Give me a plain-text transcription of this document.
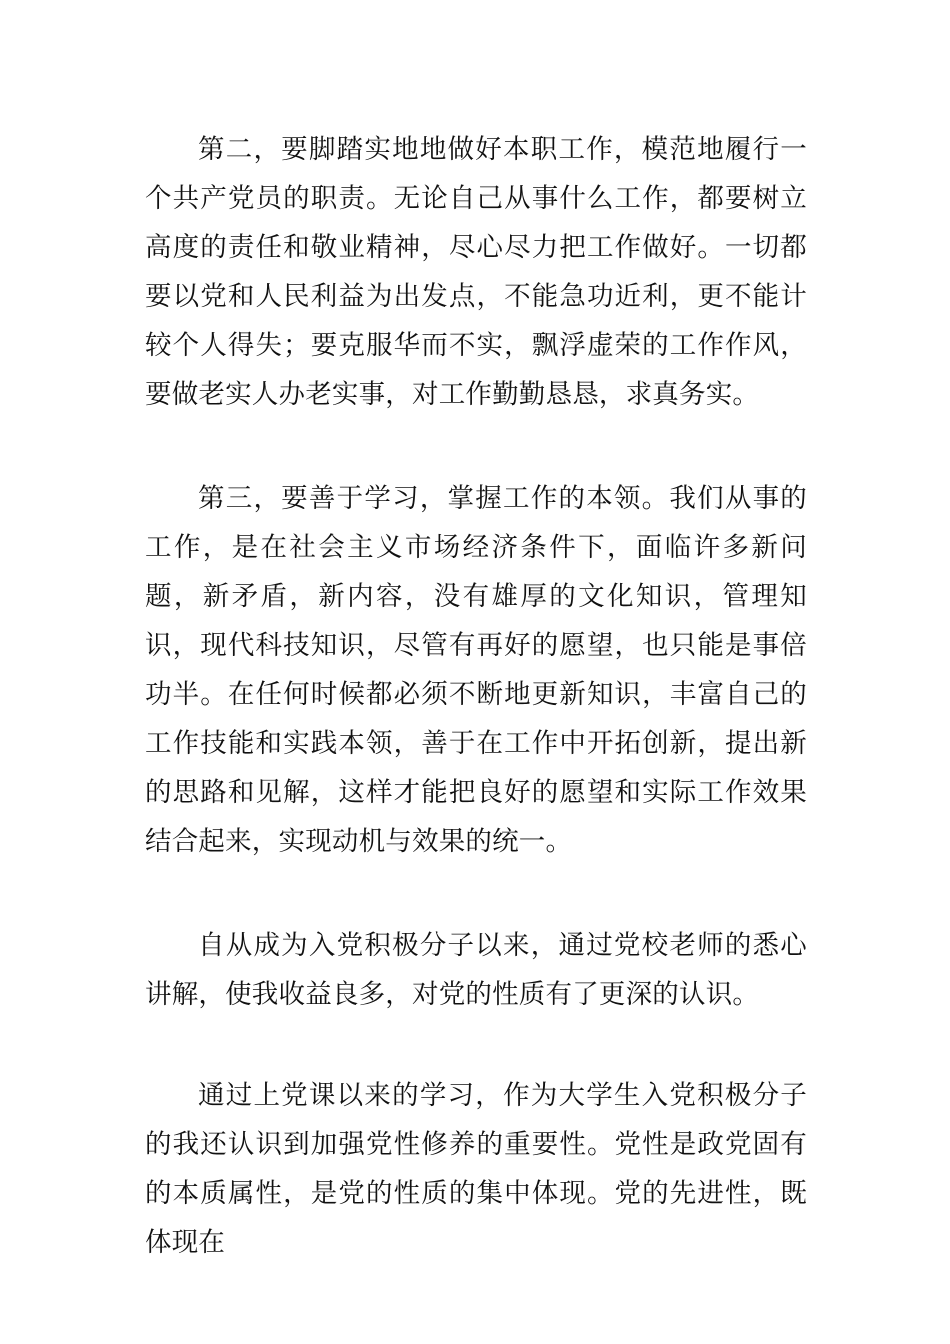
第二，要脚踏实地地做好本职工作，模范地履行一个共产党员的职责。无论自己从事什么工作，都要树立高度的责任和敬业精神，尽心尽力把工作做好。一切都要以党和人民利益为出发点，不能急功近利，更不能计较个人得失；要克服华而不实，飘浮虚荣的工作作风，要做老实人办老实事，对工作勤勤恳恳，求真务实。

第三，要善于学习，掌握工作的本领。我们从事的工作，是在社会主义市场经济条件下，面临许多新问题，新矛盾，新内容，没有雄厚的文化知识，管理知识，现代科技知识，尽管有再好的愿望，也只能是事倍功半。在任何时候都必须不断地更新知识，丰富自己的工作技能和实践本领，善于在工作中开拓创新，提出新的思路和见解，这样才能把良好的愿望和实际工作效果结合起来，实现动机与效果的统一。

自从成为入党积极分子以来，通过党校老师的悉心讲解，使我收益良多，对党的性质有了更深的认识。

通过上党课以来的学习，作为大学生入党积极分子的我还认识到加强党性修养的重要性。党性是政党固有的本质属性，是党的性质的集中体现。党的先进性，既体现在
